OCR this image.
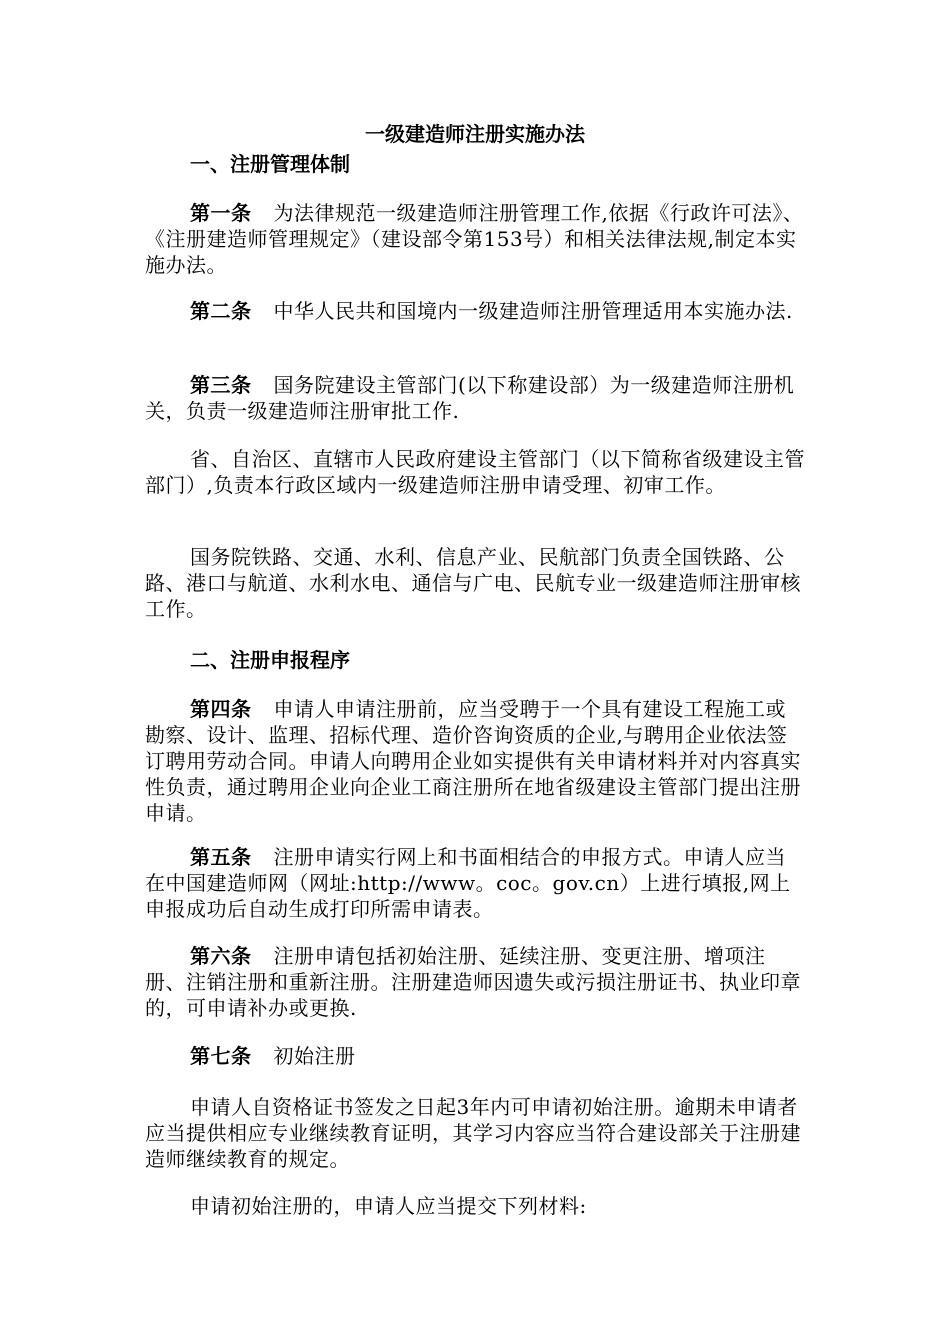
一级建造师注册实施办法
一、注册管理体制
第一条 为法律规范一级建造师注册管理工作,依据《行政许可法》、《注册建造师管理规定》（建设部令第153号）和相关法律法规,制定本实施办法。
第二条 中华人民共和国境内一级建造师注册管理适用本实施办法.
第三条 国务院建设主管部门(以下称建设部）为一级建造师注册机关，负责一级建造师注册审批工作.
省、自治区、直辖市人民政府建设主管部门（以下简称省级建设主管部门）,负责本行政区域内一级建造师注册申请受理、初审工作。
国务院铁路、交通、水利、信息产业、民航部门负责全国铁路、公路、港口与航道、水利水电、通信与广电、民航专业一级建造师注册审核工作。
二、注册申报程序
第四条 申请人申请注册前，应当受聘于一个具有建设工程施工或勘察、设计、监理、招标代理、造价咨询资质的企业,与聘用企业依法签订聘用劳动合同。申请人向聘用企业如实提供有关申请材料并对内容真实性负责，通过聘用企业向企业工商注册所在地省级建设主管部门提出注册申请。
第五条 注册申请实行网上和书面相结合的申报方式。申请人应当在中国建造师网（网址:http://www。coc。gov.cn）上进行填报,网上申报成功后自动生成打印所需申请表。
第六条 注册申请包括初始注册、延续注册、变更注册、增项注册、注销注册和重新注册。注册建造师因遗失或污损注册证书、执业印章的，可申请补办或更换.
第七条 初始注册
申请人自资格证书签发之日起3年内可申请初始注册。逾期未申请者应当提供相应专业继续教育证明，其学习内容应当符合建设部关于注册建造师继续教育的规定。
申请初始注册的，申请人应当提交下列材料:
